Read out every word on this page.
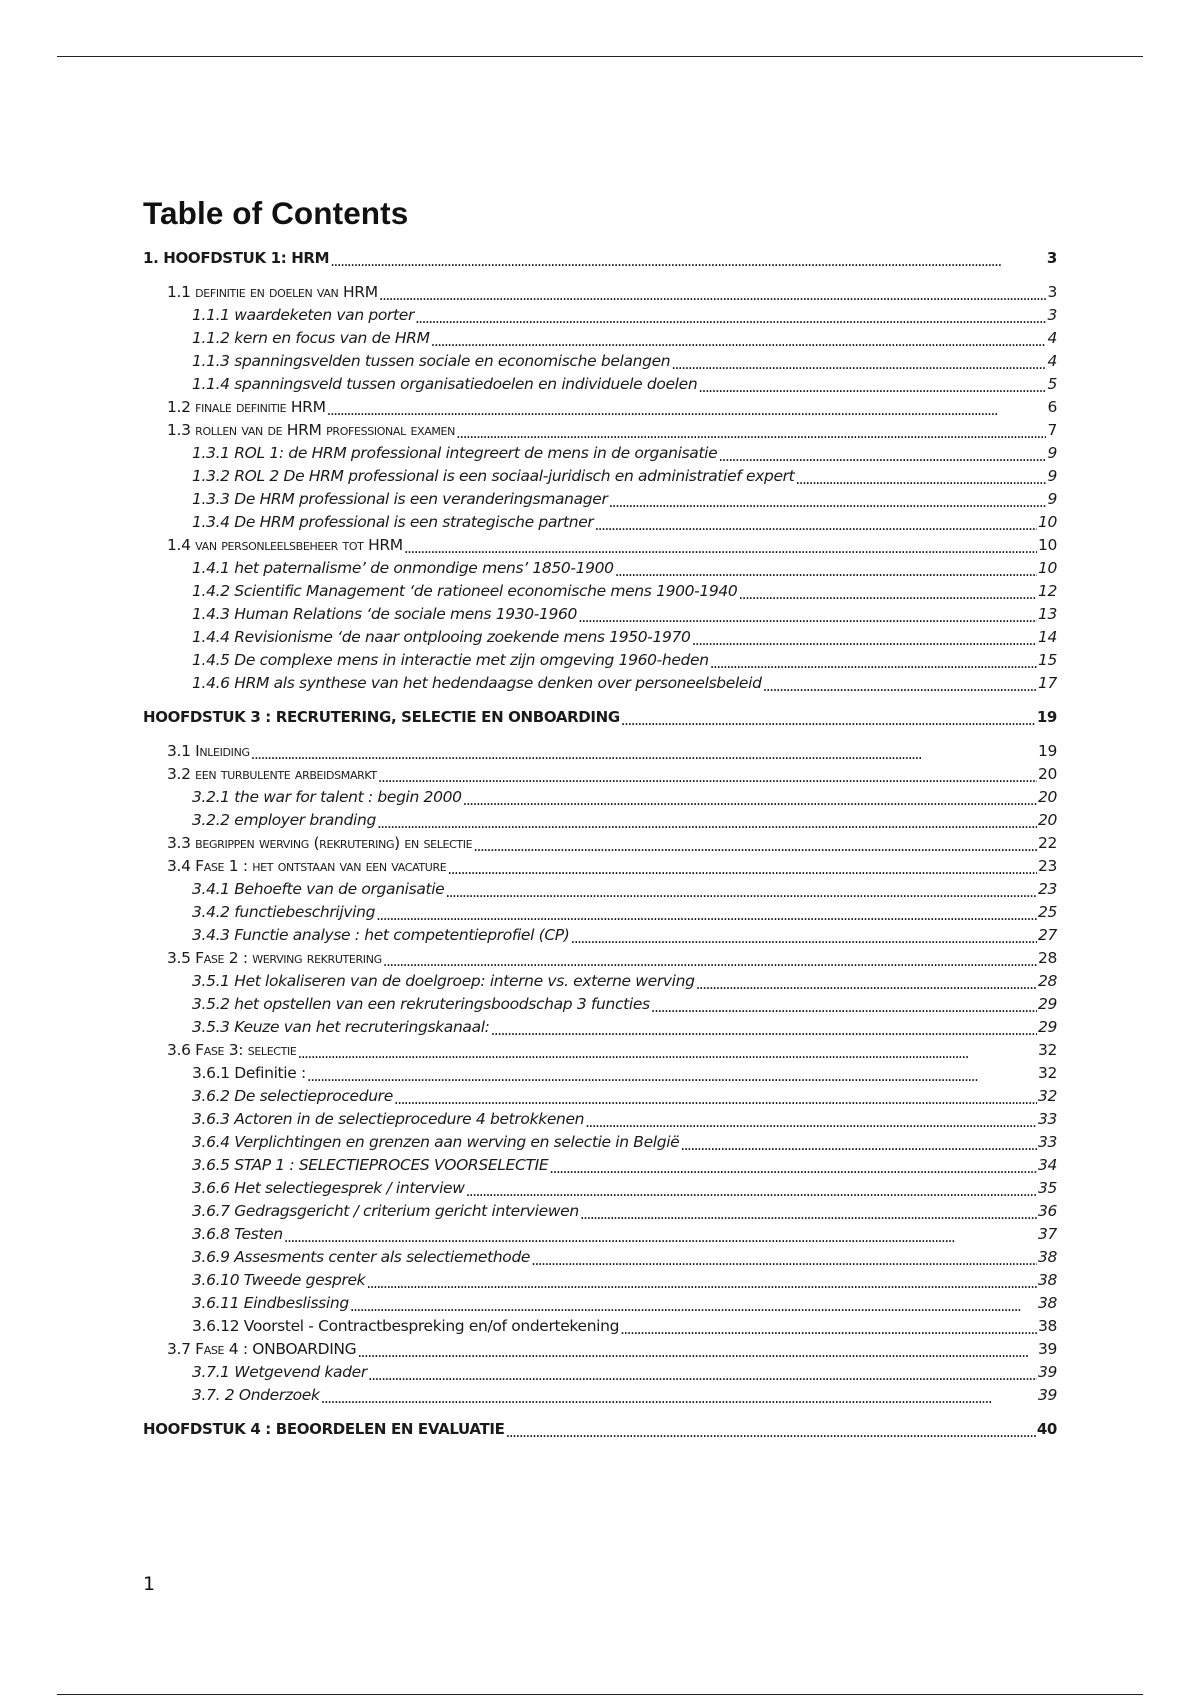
Table of Contents
1. HOOFDSTUK 1: HRM . . .	3
1.1 definitie en doelen van HRM . . .	3
1.1.1 waardeketen van porter . . .	3
1.1.2 kern en focus van de HRM . . .	4
1.1.3 spanningsvelden tussen sociale en economische belangen . . .	4
1.1.4 spanningsveld tussen organisatiedoelen en individuele doelen . . .	5
1.2 finale definitie HRM . . .	6
1.3 rollen van de HRM professional examen . . .	7
1.3.1 ROL 1: de HRM professional integreert de mens in de organisatie . . .	9
1.3.2 ROL 2 De HRM professional is een sociaal-juridisch en administratief expert . . .	9
1.3.3 De HRM professional is een veranderingsmanager . . .	9
1.3.4 De HRM professional is een strategische partner . . .	10
1.4 van personleelsbeheer tot HRM . . .	10
1.4.1 het paternalisme’ de onmondige mens’ 1850-1900 . . .	10
1.4.2 Scientific Management ‘de rationeel economische mens 1900-1940 . . .	12
1.4.3 Human Relations ‘de sociale mens 1930-1960 . . .	13
1.4.4 Revisionisme ‘de naar ontplooing zoekende mens 1950-1970 . . .	14
1.4.5 De complexe mens in interactie met zijn omgeving 1960-heden . . .	15
1.4.6 HRM als synthese van het hedendaagse denken over personeelsbeleid . . .	17
HOOFDSTUK 3 : RECRUTERING, SELECTIE EN ONBOARDING . . .	19
3.1 Inleiding . . .	19
3.2 een turbulente arbeidsmarkt . . .	20
3.2.1 the war for talent : begin 2000 . . .	20
3.2.2 employer branding . . .	20
3.3 begrippen werving (rekrutering) en selectie . . .	22
3.4 Fase 1 : het ontstaan van een vacature . . .	23
3.4.1 Behoefte van de organisatie . . .	23
3.4.2 functiebeschrijving . . .	25
3.4.3 Functie analyse : het competentieprofiel (CP) . . .	27
3.5 Fase 2 : werving rekrutering . . .	28
3.5.1 Het lokaliseren van de doelgroep: interne vs. externe werving . . .	28
3.5.2 het opstellen van een rekruteringsboodschap 3 functies . . .	29
3.5.3 Keuze van het recruteringskanaal: . . .	29
3.6 Fase 3: selectie . . .	32
3.6.1 Definitie : . . .	32
3.6.2 De selectieprocedure . . .	32
3.6.3 Actoren in de selectieprocedure 4 betrokkenen . . .	33
3.6.4 Verplichtingen en grenzen aan werving en selectie in België . . .	33
3.6.5 STAP 1 : SELECTIEPROCES VOORSELECTIE . . .	34
3.6.6 Het selectiegesprek / interview . . .	35
3.6.7 Gedragsgericht / criterium gericht interviewen . . .	36
3.6.8 Testen . . .	37
3.6.9 Assesments center als selectiemethode . . .	38
3.6.10 Tweede gesprek . . .	38
3.6.11 Eindbeslissing . . .	38
3.6.12 Voorstel - Contractbespreking en/of ondertekening . . .	38
3.7 Fase 4 : ONBOARDING . . .	39
3.7.1 Wetgevend kader . . .	39
3.7. 2 Onderzoek . . .	39
HOOFDSTUK 4 : BEOORDELEN EN EVALUATIE . . .	40
1
